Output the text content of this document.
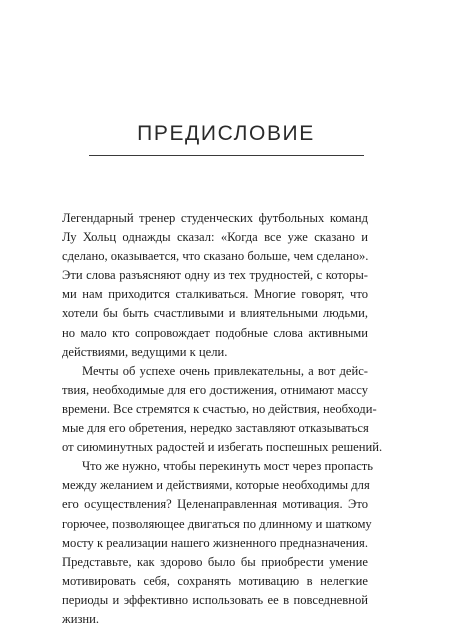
ПРЕДИСЛОВИЕ

Легендарный тренер студенческих футбольных команд
Лу Хольц однажды сказал: «Когда все уже сказано и
сделано, оказывается, что сказано больше, чем сделано».
Эти слова разъясняют одну из тех трудностей, с которы-
ми нам приходится сталкиваться. Многие говорят, что
хотели бы быть счастливыми и влиятельными людьми,
но мало кто сопровождает подобные слова активными
действиями, ведущими к цели.

Мечты об успехе очень привлекательны, а вот дейс-
твия, необходимые для его достижения, отнимают массу
времени. Все стремятся к счастью, но действия, необходи-
мые для его обретения, нередко заставляют отказываться
от сиюминутных радостей и избегать поспешных решений.

Что же нужно, чтобы перекинуть мост через пропасть
между желанием и действиями, которые необходимы для
его осуществления? Целенаправленная мотивация. Это
горючее, позволяющее двигаться по длинному и шаткому
мосту к реализации нашего жизненного предназначения.
Представьте, как здорово было бы приобрести умение
мотивировать себя, сохранять мотивацию в нелегкие
периоды и эффективно использовать ее в повседневной
жизни.
